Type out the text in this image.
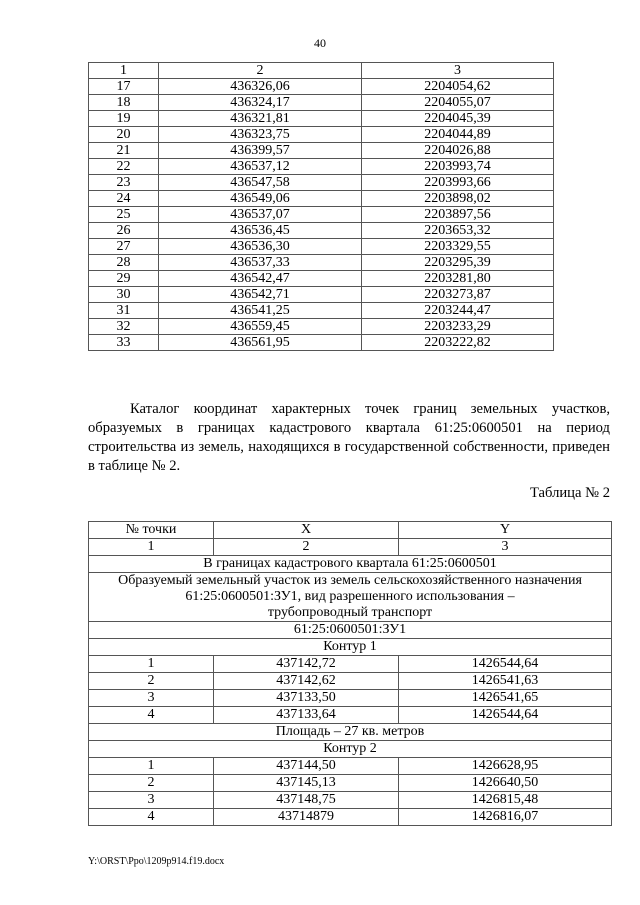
40
1	2	3
17	436326,06	2204054,62
18	436324,17	2204055,07
19	436321,81	2204045,39
20	436323,75	2204044,89
21	436399,57	2204026,88
22	436537,12	2203993,74
23	436547,58	2203993,66
24	436549,06	2203898,02
25	436537,07	2203897,56
26	436536,45	2203653,32
27	436536,30	2203329,55
28	436537,33	2203295,39
29	436542,47	2203281,80
30	436542,71	2203273,87
31	436541,25	2203244,47
32	436559,45	2203233,29
33	436561,95	2203222,82
Каталог координат характерных точек границ земельных участков, образуемых в границах кадастрового квартала 61:25:0600501 на период строительства из земель, находящихся в государственной собственности, приведен в таблице № 2.
Таблица № 2
№ точки	X	Y
1	2	3
В границах кадастрового квартала 61:25:0600501		

Образуемый земельный участок из земель сельскохозяйственного назначения
61:25:0600501:ЗУ1, вид разрешенного использования –
трубопроводный транспорт		

61:25:0600501:ЗУ1		
Контур 1		
1	437142,72	1426544,64
2	437142,62	1426541,63
3	437133,50	1426541,65
4	437133,64	1426544,64
Площадь – 27 кв. метров		
Контур 2		
1	437144,50	1426628,95
2	437145,13	1426640,50
3	437148,75	1426815,48
4	43714879	1426816,07
Y:\ORST\Ppo\1209p914.f19.docx
